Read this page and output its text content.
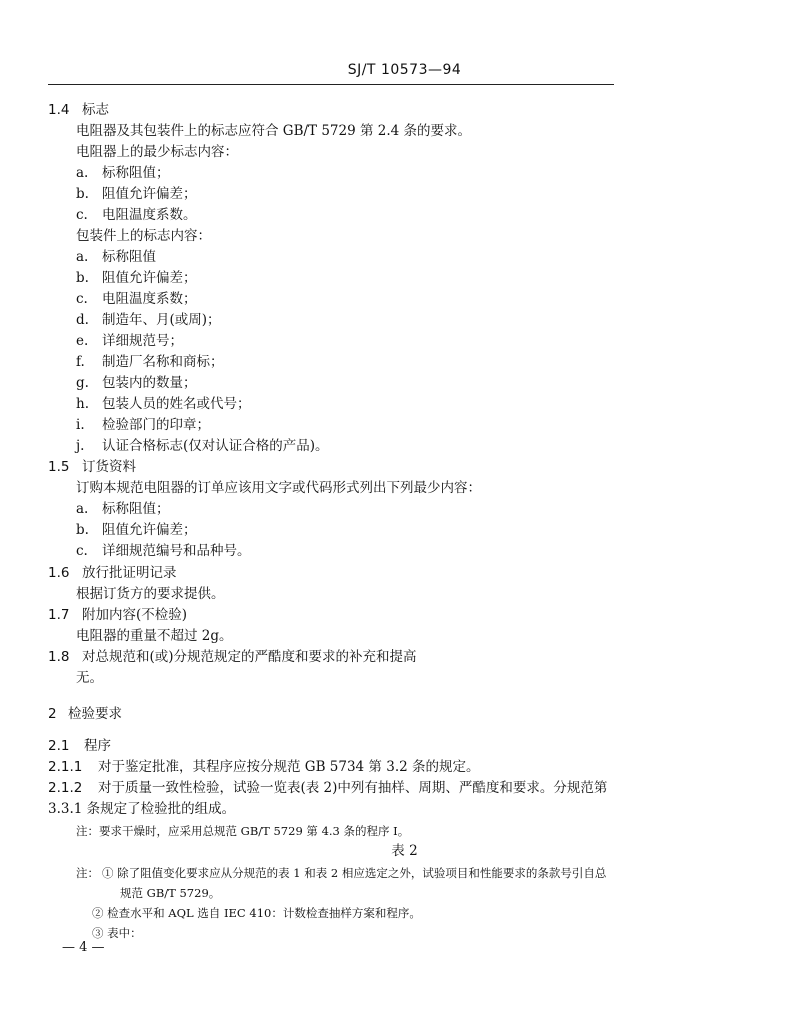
SJ/T 10573—94
1.4 标志
电阻器及其包装件上的标志应符合 GB/T 5729 第 2.4 条的要求。
电阻器上的最少标志内容：
a. 标称阻值；
b. 阻值允许偏差；
c. 电阻温度系数。
包装件上的标志内容：
a. 标称阻值
b. 阻值允许偏差；
c. 电阻温度系数；
d. 制造年、月(或周)；
e. 详细规范号；
f. 制造厂名称和商标；
g. 包装内的数量；
h. 包装人员的姓名或代号；
i. 检验部门的印章；
j. 认证合格标志(仅对认证合格的产品)。
1.5 订货资料
订购本规范电阻器的订单应该用文字或代码形式列出下列最少内容：
a. 标称阻值；
b. 阻值允许偏差；
c. 详细规范编号和品种号。
1.6 放行批证明记录
根据订货方的要求提供。
1.7 附加内容(不检验)
电阻器的重量不超过 2g。
1.8 对总规范和(或)分规范规定的严酷度和要求的补充和提高
无。
2 检验要求
2.1 程序
2.1.1 对于鉴定批准，其程序应按分规范 GB 5734 第 3.2 条的规定。
2.1.2 对于质量一致性检验，试验一览表(表 2)中列有抽样、周期、严酷度和要求。分规范第
3.3.1 条规定了检验批的组成。
注：要求干燥时，应采用总规范 GB/T 5729 第 4.3 条的程序 I。
表 2
注： ① 除了阻值变化要求应从分规范的表 1 和表 2 相应选定之外，试验项目和性能要求的条款号引自总
规范 GB/T 5729。
② 检查水平和 AQL 选自 IEC 410：计数检查抽样方案和程序。
③ 表中：
— 4 —
